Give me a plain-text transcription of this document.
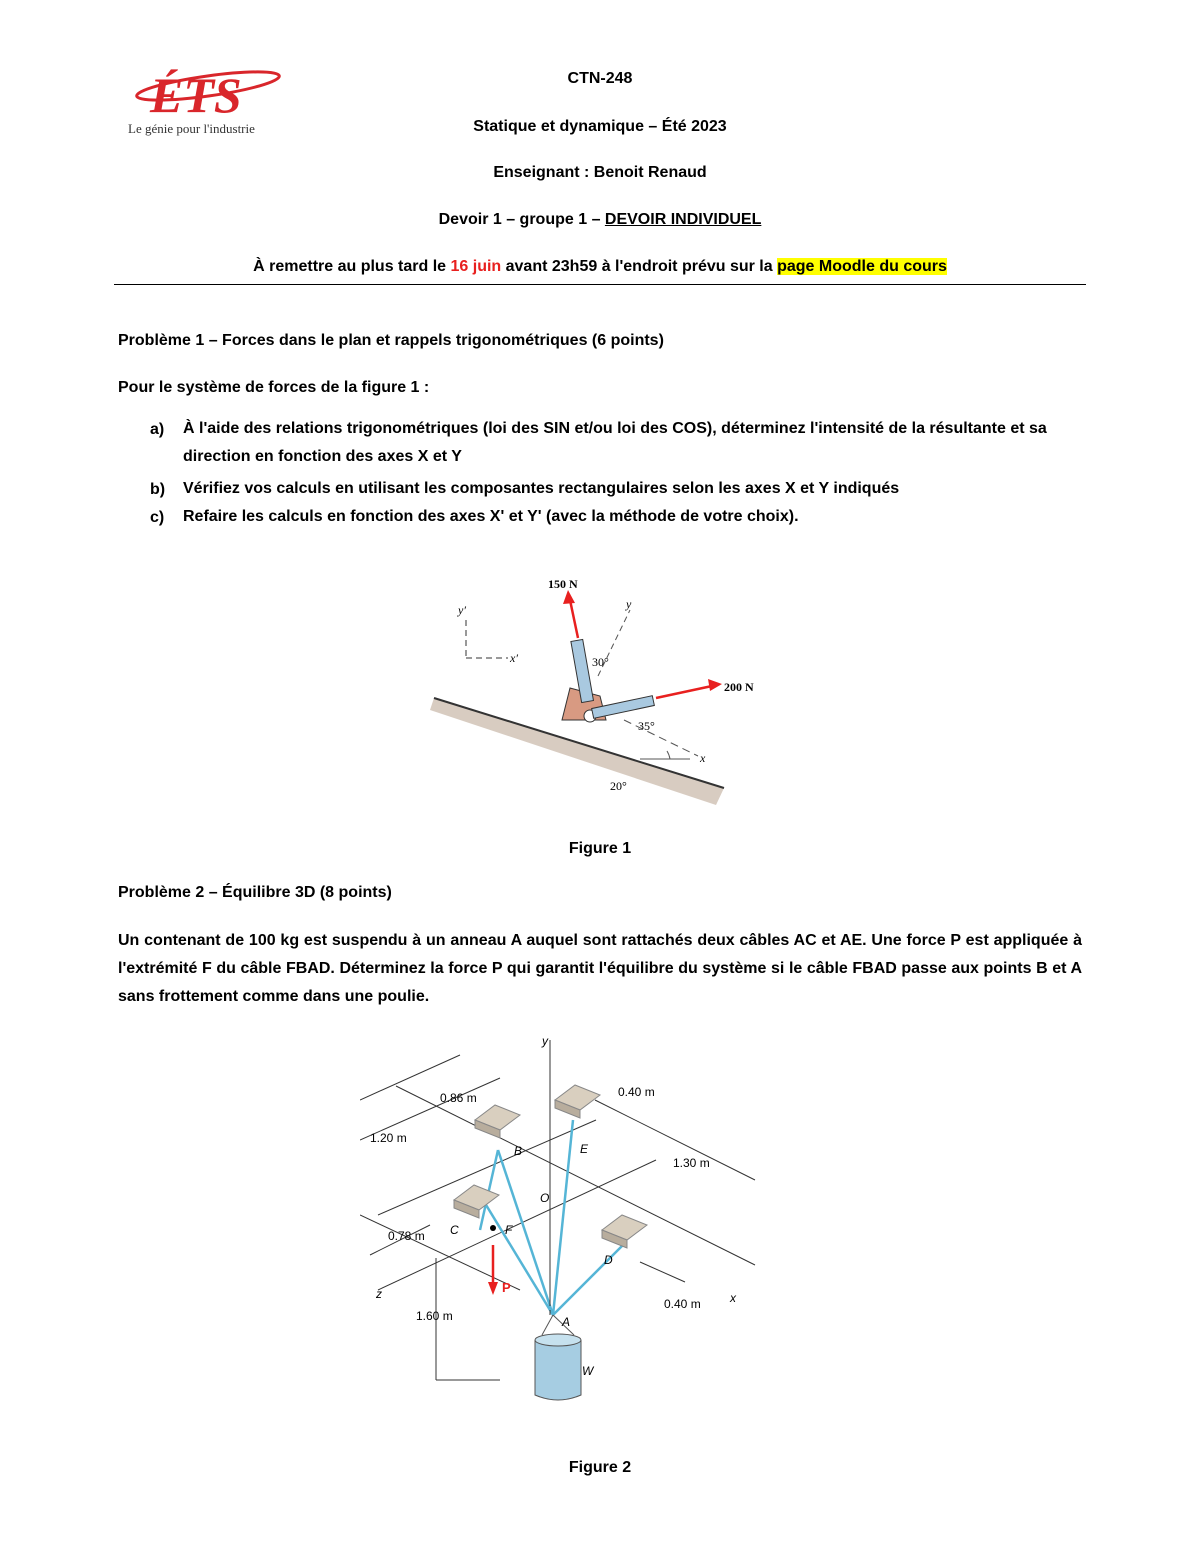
ÉTS
Le génie pour l'industrie
CTN-248
Statique et dynamique – Été 2023
Enseignant : Benoit Renaud
Devoir 1 – groupe 1 – DEVOIR INDIVIDUEL
À remettre au plus tard le 16 juin avant 23h59 à l'endroit prévu sur la page Moodle du cours
Problème 1 – Forces dans le plan et rappels trigonométriques (6 points)
Pour le système de forces de la figure 1 :
a) À l'aide des relations trigonométriques (loi des SIN et/ou loi des COS), déterminez l'intensité de la résultante et sa direction en fonction des axes X et Y
b) Vérifiez vos calculs en utilisant les composantes rectangulaires selon les axes X et Y indiqués
c) Refaire les calculs en fonction des axes X' et Y' (avec la méthode de votre choix).
20°
150 N
200 N
y
30°
x
35°
y′
x′
Figure 1
Problème 2 – Équilibre 3D (8 points)
Un contenant de 100 kg est suspendu à un anneau A auquel sont rattachés deux câbles AC et AE. Une force P est appliquée à l'extrémité F du câble FBAD. Déterminez la force P qui garantit l'équilibre du système si le câble FBAD passe aux points B et A sans frottement comme dans une poulie.
0.86 m	0.40 m
1.20 m
1.30 m
0.78 m
1.60 m
0.40 m
B	E
O
C	F
D
A
W
y
x
z	P
Figure 2
